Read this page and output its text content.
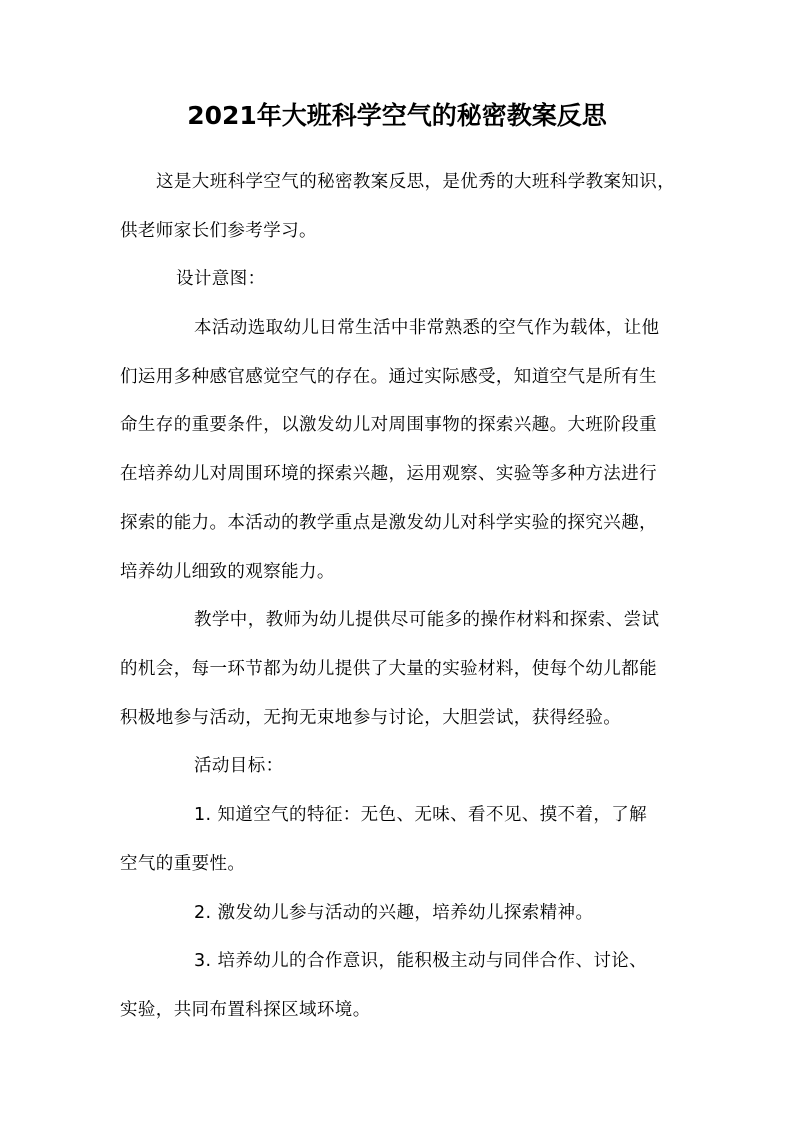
2021年大班科学空气的秘密教案反思

这是大班科学空气的秘密教案反思，是优秀的大班科学教案知识，
供老师家长们参考学习。

设计意图：

本活动选取幼儿日常生活中非常熟悉的空气作为载体，让他
们运用多种感官感觉空气的存在。通过实际感受，知道空气是所有生
命生存的重要条件，以激发幼儿对周围事物的探索兴趣。大班阶段重
在培养幼儿对周围环境的探索兴趣，运用观察、实验等多种方法进行
探索的能力。本活动的教学重点是激发幼儿对科学实验的探究兴趣，
培养幼儿细致的观察能力。

教学中，教师为幼儿提供尽可能多的操作材料和探索、尝试
的机会，每一环节都为幼儿提供了大量的实验材料，使每个幼儿都能
积极地参与活动，无拘无束地参与讨论，大胆尝试，获得经验。

活动目标：

1. 知道空气的特征：无色、无味、看不见、摸不着，了解
空气的重要性。

2. 激发幼儿参与活动的兴趣，培养幼儿探索精神。

3. 培养幼儿的合作意识，能积极主动与同伴合作、讨论、
实验，共同布置科探区域环境。
